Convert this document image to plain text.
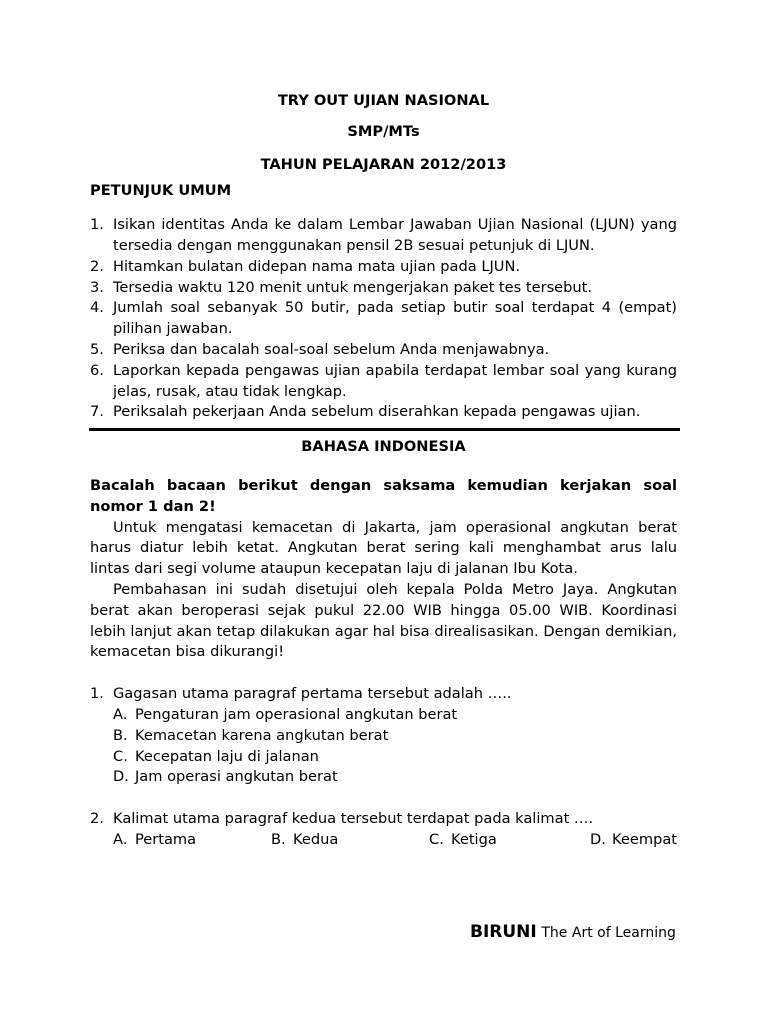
TRY OUT UJIAN NASIONAL
SMP/MTs
TAHUN PELAJARAN 2012/2013
PETUNJUK UMUM
1. Isikan identitas Anda ke dalam Lembar Jawaban Ujian Nasional (LJUN) yang tersedia dengan menggunakan pensil 2B sesuai petunjuk di LJUN.
2. Hitamkan bulatan didepan nama mata ujian pada LJUN.
3. Tersedia waktu 120 menit untuk mengerjakan paket tes tersebut.
4. Jumlah soal sebanyak 50 butir, pada setiap butir soal terdapat 4 (empat) pilihan jawaban.
5. Periksa dan bacalah soal-soal sebelum Anda menjawabnya.
6. Laporkan kepada pengawas ujian apabila terdapat lembar soal yang kurang jelas, rusak, atau tidak lengkap.
7. Periksalah pekerjaan Anda sebelum diserahkan kepada pengawas ujian.
BAHASA INDONESIA

Bacalah bacaan berikut dengan saksama kemudian kerjakan soal nomor 1 dan 2!

Untuk mengatasi kemacetan di Jakarta, jam operasional angkutan berat harus diatur lebih ketat. Angkutan berat sering kali menghambat arus lalu lintas dari segi volume ataupun kecepatan laju di jalanan Ibu Kota.

Pembahasan ini sudah disetujui oleh kepala Polda Metro Jaya. Angkutan berat akan beroperasi sejak pukul 22.00 WIB hingga 05.00 WIB. Koordinasi lebih lanjut akan tetap dilakukan agar hal bisa direalisasikan. Dengan demikian, kemacetan bisa dikurangi!

1. Gagasan utama paragraf pertama tersebut adalah …..
A. Pengaturan jam operasional angkutan berat
B. Kemacetan karena angkutan berat
C. Kecepatan laju di jalanan
D. Jam operasi angkutan berat
2. Kalimat utama paragraf kedua tersebut terdapat pada kalimat ….
A. Pertama	B. Kedua	C. Ketiga	D. Keempat
BIRUNI The Art of Learning
